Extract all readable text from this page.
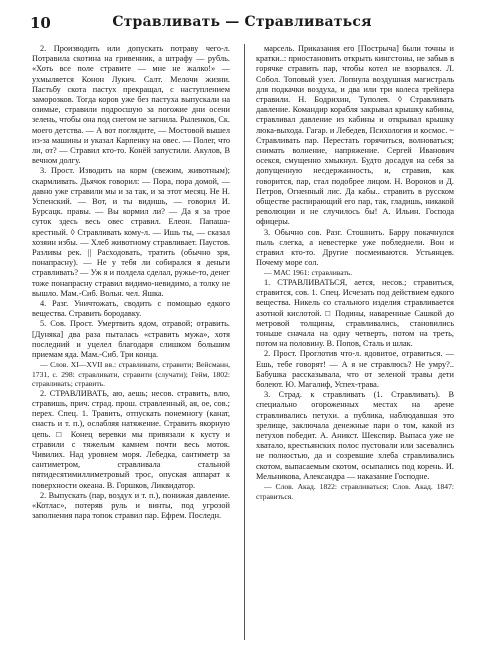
10	Стравливать — Стравливаться

2. Производить или допускать потраву чего-л. Потравила скотина на гривенник, а штрафу — рубль. «Хоть все поле стравите — мне не жалко!» — ухмыляется Конон Лукич. Салт. Мелочи жизни. Пастьбу скота пастух прекращал, с наступлением заморозков. Тогда коров уже без пастуха выпускали на озимые, стравили подросшую за погожие дни осени зелень, чтобы она под снегом не загнила. Рыленков, Ск. моего детства. — А вот поглядите, — Мостовой вышел из-за машины и указал Карпенку на овес. — Полег, что ли, от? — Стравил кто-то. Конёй запустили. Акулов, В вечном долгу.

3. Прост. Изводить на корм (свежим, животным); скармливать. Дьячок говорил: — Пора, пора домой, — давно уже стравили мы и за так, и за этот месяц. Не Н. Успенский. — Вот, и ты видишь, — говорил И. Бурсацк. правы. — Вы кормил ли? — Да я за трое суток здесь весь овес стравил. Елеон. Папаша-крестный. ◊ Стравливать кому-л. — Ишь ты, — сказал хозяин избы. — Хлеб животному стравливает. Паустов. Разливы рек. || Расходовать, тратить (обычно зря, понапрасну). — Не у тебя ли собирался я деньги стравливать? — Уж я и полдела сделал, ружье-то, денег тоже понапрасну стравил видимо-невидимо, а толку не вышло. Мам.-Сиб. Вольн. чел. Яшка.

4. Разг. Уничтожать, сводить с помощью едкого вещества. Стравить бородавку.

5. Сов. Прост. Умертвить ядом, отравой; отравить. [Дуняка] два раза пыталась «стравить мужа», хотя последний и уцелел благодаря слишком большим приемам яда. Мам.-Сиб. Три конца.

— Слов. XI—XVII вв.: стравливати, стравити; Вейсманн, 1731, с. 298: стравливати, стравити (случати); Гейм, 1802: стравливать; стравить.

2. СТРАВЛИВАТЬ, аю, аешь; несов. стравить, влю, стравишь, прич. страд. прош. стравленный, ая, ое, сов.; перех. Спец. 1. Травить, отпускать понемногу (канат, снасть и т. п.), ослабляя натяжение. Стравить якорную цепь. □ Конец веревки мы привязали к кусту и стравили с тяжелым камнем почти весь моток. Чивилих. Над уровнем моря. Лебедка, сантиметр за сантиметром, стравливала стальной пятидесятимиллиметровый трос, опуская аппарат к поверхности океана. В. Горшков, Ликвидатор.

2. Выпускать (пар, воздух и т. п.), понижая давление. «Котлас», потеряв руль и винты, под угрозой заполнения пара топок стравил пар. Ефрем. Последн.

марсель. Приказания его [Пострыча] были точны и кратки..: приостановить открыть кингстоны, не забыв в горячке стравить пар, чтобы котел не взорвался. Л. Собол. Топовый узел. Лопнула воздушная магистраль для подкачки воздуха, и два или три колеса трейлера стравили. Н. Бодрихин, Туполев. ◊ Стравливать давление. Командир корабля закрывал крышку кабины, стравливал давление из кабины и открывал крышку люка-выхода. Гагар. и Лебедев, Психология и космос. ~ Стравливать пар. Перестать горячиться, волноваться; снимать волнение, напряжение. Сергей Иванович осекся, смущенно хмыкнул. Будто досадуя на себя за допущенную несдержанность, и, стравив, как говорится, пар, стал подобрее лицом. Н. Воронов и Д. Петров, Огненный лис. Да кабы.. стравить в русском обществе распирающий его пар, так, гладишь, никакой революции и не случилось бы! А. Ильин. Господа офицеры.

3. Обычно сов. Разг. Стошнить. Барру покачнулся пыль слегка, а невестерке уже побледнели. Вон и стравил кто-то. Другие посмеиваются. Устьянцев. Почему море сол.

— МАС 1961: стравливать.

1. СТРАВЛИВАТЬСЯ, ается, несов.; стравиться, стравится, сов. 1. Спец. Исчезать под действием едкого вещества. Никель со стального изделия стравливается азотной кислотой. □ Подины, наваренные Сашкой до метровой толщины, стравливались, становились тоньше сначала на одну четверть, потом на треть, потом на половину. В. Попов, Сталь и шлак.

2. Прост. Проглотив что-л. ядовитое, отравиться. — Ешь, тебе говорят! — А я не стравлюсь? Не умру?.. Бабушка рассказывала, что от зеленой травы дети болеют. Ю. Магалиф, Успех-трава.

3. Страд. к стравливать (1. Стравливать). В специально огороженных местах на арене стравливались петухи. а публика, наблюдавшая это зрелище, заключала денежные пари о том, какой из петухов победит. А. Аникст. Шекспир. Выпаса уже не хватало, крестьянских полос пустовали или засевались не полностью, да и созревшие хлеба стравливались скотом, выпасаемым скотом, осыпались под корень. И. Мельникова, Александра — наказание Господне.

— Слов. Акад. 1822: стравливаться; Слов. Акад. 1847: стравиться.
